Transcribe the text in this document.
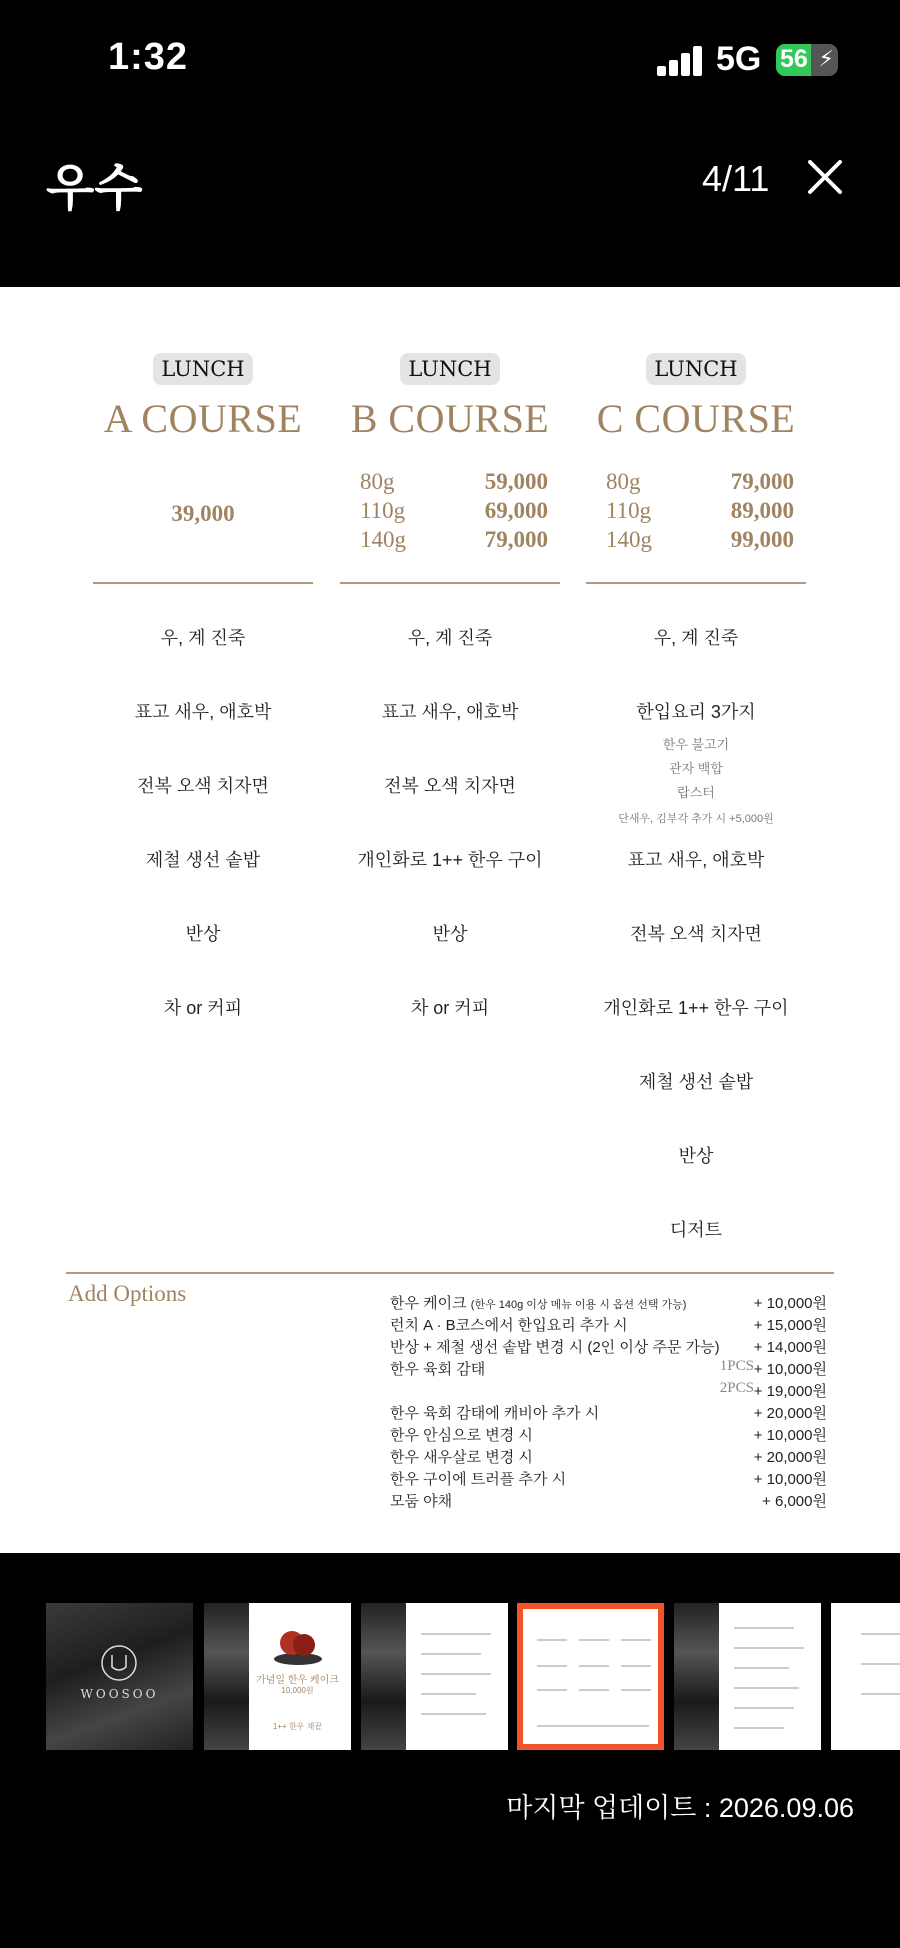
1:32	5G 56 ⚡
우수	4/11
LUNCH
A COURSE
39,000
우, 계 진죽
표고 새우, 애호박
전복 오색 치자면
제철 생선 솥밥
반상
차 or 커피
LUNCH
B COURSE
80g	59,000
110g	69,000
140g	79,000
우, 계 진죽
표고 새우, 애호박
전복 오색 치자면
개인화로 1++ 한우 구이
반상
차 or 커피
LUNCH
C COURSE
80g	79,000
110g	89,000
140g	99,000
우, 계 진죽
한입요리 3가지
한우 불고기
관자 백합
랍스터
단새우, 김부각 추가 시 +5,000원
표고 새우, 애호박
전복 오색 치자면
개인화로 1++ 한우 구이
제철 생선 솥밥
반상
디저트
Add Options	한우 케이크 (한우 140g 이상 메뉴 이용 시 옵션 선택 가능)	+ 10,000원
런치 A · B코스에서 한입요리 추가 시	+ 15,000원
반상 + 제철 생선 솥밥 변경 시 (2인 이상 주문 가능) + 14,000원
한우 육회 감태	1PCS + 10,000원
2PCS + 19,000원
한우 육회 감태에 캐비아 추가 시	+ 20,000원
한우 안심으로 변경 시	+ 10,000원
한우 새우살로 변경 시	+ 20,000원
한우 구이에 트러플 추가 시	+ 10,000원
모둠 야채	+ 6,000원
WOOSOO
가념일 한우 케이크
10,000원
1++ 한우 채끝
마지막 업데이트 : 2026.09.06
